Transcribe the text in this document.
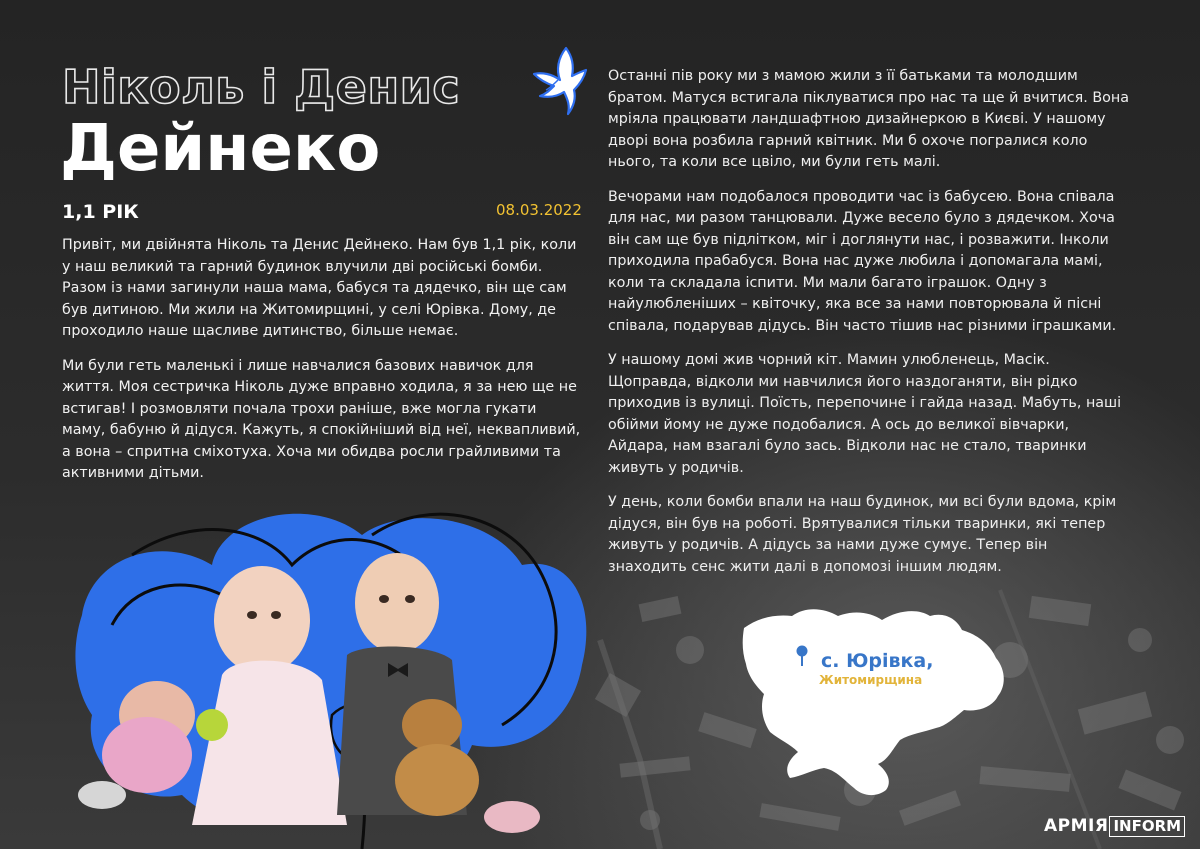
Ніколь і Денис
Дейнеко
1,1 РІК	08.03.2022

Привіт, ми двійнята Ніколь та Денис Дейнеко. Нам був 1,1 рік, коли у наш великий та гарний будинок влучили дві російські бомби. Разом із нами загинули наша мама, бабуся та дядечко, він ще сам був дитиною. Ми жили на Житомирщині, у селі Юрівка. Дому, де проходило наше щасливе дитинство, більше немає.

Ми були геть маленькі і лише навчалися базових навичок для життя. Моя сестричка Ніколь дуже вправно ходила, я за нею ще не встигав! І розмовляти почала трохи раніше, вже могла гукати маму, бабуню й дідуся. Кажуть, я спокійніший від неї, неквапливий, а вона – спритна сміхотуха. Хоча ми обидва росли грайливими та активними дітьми.

Останні пів року ми з мамою жили з її батьками та молодшим братом. Матуся встигала піклуватися про нас та ще й вчитися. Вона мріяла працювати ландшафтною дизайнеркою в Києві. У нашому дворі вона розбила гарний квітник. Ми б охоче погралися коло нього, та коли все цвіло, ми були геть малі.

Вечорами нам подобалося проводити час із бабусею. Вона співала для нас, ми разом танцювали. Дуже весело було з дядечком. Хоча він сам ще був підлітком, міг і доглянути нас, і розважити. Інколи приходила прабабуся. Вона нас дуже любила і допомагала мамі, коли та складала іспити. Ми мали багато іграшок. Одну з найулюбленіших – квіточку, яка все за нами повторювала й пісні співала, подарував дідусь. Він часто тішив нас різними іграшками.

У нашому домі жив чорний кіт. Мамин улюбленець, Масік. Щоправда, відколи ми навчилися його наздоганяти, він рідко приходив із вулиці. Поїсть, перепочине і гайда назад. Мабуть, наші обійми йому не дуже подобалися. А ось до великої вівчарки, Айдара, нам взагалі було зась. Відколи нас не стало, тваринки живуть у родичів.

У день, коли бомби впали на наш будинок, ми всі були вдома, крім дідуся, він був на роботі. Врятувалися тільки тваринки, які тепер живуть у родичів. А дідусь за нами дуже сумує. Тепер він знаходить сенс жити далі в допомозі іншим людям.

с. Юрівка,
Житомирщина
АРМІЯ INFORM
